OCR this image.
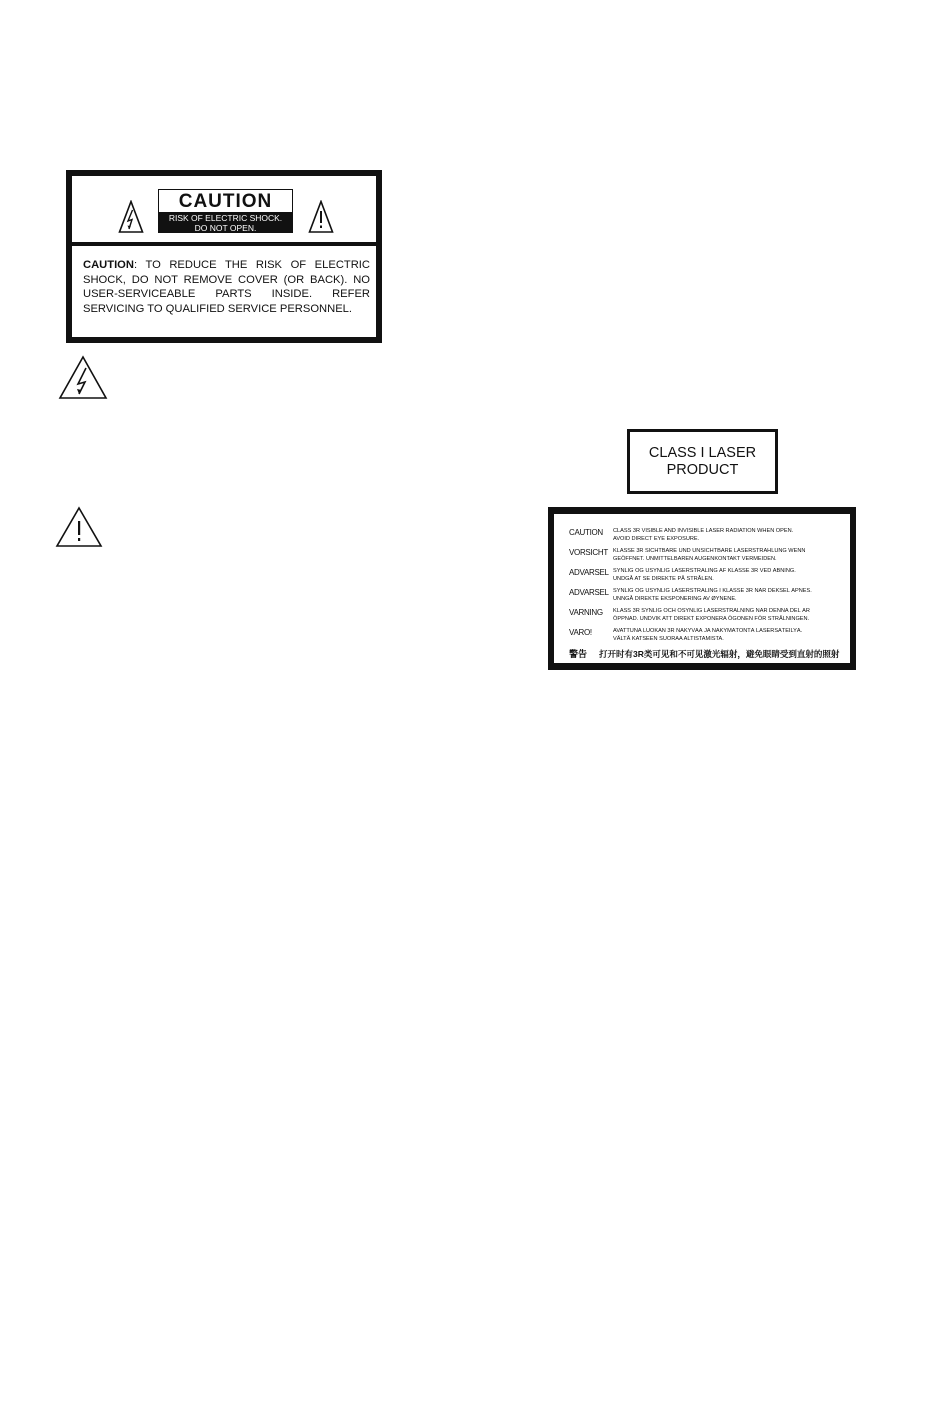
CAUTION
RISK OF ELECTRIC SHOCK.
DO NOT OPEN.
CAUTION: TO REDUCE THE RISK OF ELECTRIC SHOCK, DO NOT REMOVE COVER (OR BACK). NO USER-SERVICEABLE PARTS INSIDE. REFER SERVICING TO QUALIFIED SERVICE PERSONNEL.
CLASS I LASER
PRODUCT
CAUTION CLASS 3R VISIBLE AND INVISIBLE LASER RADIATION WHEN OPEN.
AVOID DIRECT EYE EXPOSURE.
VORSICHT KLASSE 3R SICHTBARE UND UNSICHTBARE LASERSTRAHLUNG WENN
GEÖFFNET. UNMITTELBAREN AUGENKONTAKT VERMEIDEN.
ADVARSEL SYNLIG OG USYNLIG LASERSTRÅLING AF KLASSE 3R VED ÅBNING.
UNDGÅ AT SE DIREKTE PÅ STRÅLEN.
ADVARSEL SYNLIG OG USYNLIG LASERSTRÅLING I KLASSE 3R NÅR DEKSEL ÅPNES.
UNNGÅ DIREKTE EKSPONERING AV ØYNENE.
VARNING KLASS 3R SYNLIG OCH OSYNLIG LASERSTRÅLNING NÄR DENNA DEL ÄR
ÖPPNAD. UNDVIK ATT DIREKT EXPONERA ÖGONEN FÖR STRÅLNINGEN.
VARO!	AVATTUNA LUOKAN 3R NÄKYVÄÄ JA NÄKYMÄTÖNTÄ LASERSÄTEILYÄ.
VÄLTÄ KATSEEN SUORAA ALTISTAMISTA.
警告 打开时有3R类可见和不可见激光辐射，避免眼睛受到直射的照射
